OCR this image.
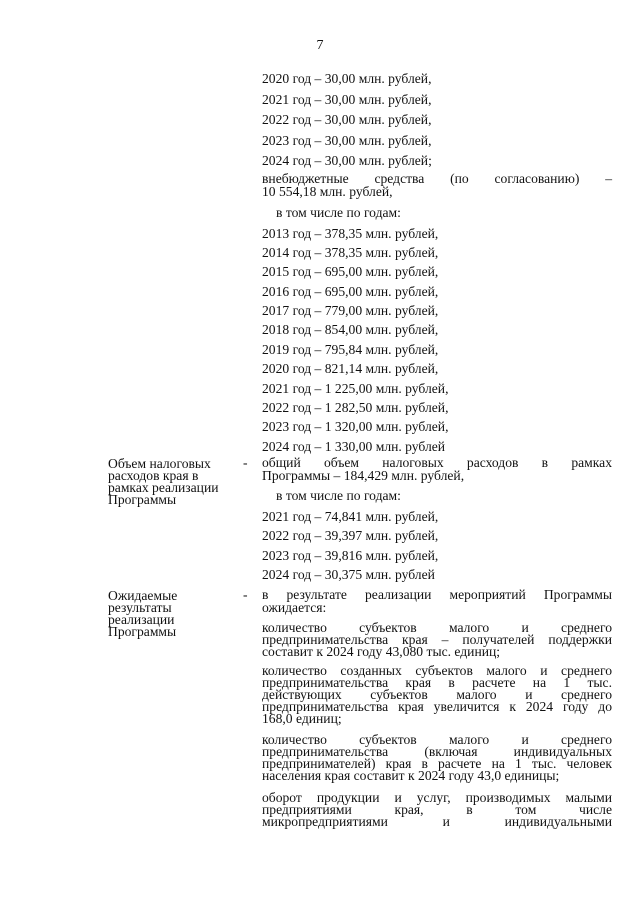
7
2020 год – 30,00 млн. рублей,
2021 год – 30,00 млн. рублей,
2022 год – 30,00 млн. рублей,
2023 год – 30,00 млн. рублей,
2024 год – 30,00 млн. рублей;
внебюджетные средства (по согласованию) –
10 554,18 млн. рублей,
в том числе по годам:
2013 год – 378,35 млн. рублей,
2014 год – 378,35 млн. рублей,
2015 год – 695,00 млн. рублей,
2016 год – 695,00 млн. рублей,
2017 год – 779,00 млн. рублей,
2018 год – 854,00 млн. рублей,
2019 год – 795,84 млн. рублей,
2020 год – 821,14 млн. рублей,
2021 год – 1 225,00 млн. рублей,
2022 год – 1 282,50 млн. рублей,
2023 год – 1 320,00 млн. рублей,
2024 год – 1 330,00 млн. рублей
Объем налоговых
расходов края в
рамках реализации
Программы
- общий объем налоговых расходов в рамках
Программы – 184,429 млн. рублей,
в том числе по годам:
2021 год – 74,841 млн. рублей,
2022 год – 39,397 млн. рублей,
2023 год – 39,816 млн. рублей,
2024 год – 30,375 млн. рублей
Ожидаемые
результаты
реализации
Программы
- в результате реализации мероприятий Программы
ожидается:
количество субъектов малого и среднего
предпринимательства края – получателей поддержки
составит к 2024 году 43,080 тыс. единиц;
количество созданных субъектов малого и среднего
предпринимательства края в расчете на 1 тыс.
действующих субъектов малого и среднего
предпринимательства края увеличится к 2024 году до
168,0 единиц;
количество субъектов малого и среднего
предпринимательства (включая индивидуальных
предпринимателей) края в расчете на 1 тыс. человек
населения края составит к 2024 году 43,0 единицы;
оборот продукции и услуг, производимых малыми
предприятиями края, в том числе
микропредприятиями и индивидуальными
